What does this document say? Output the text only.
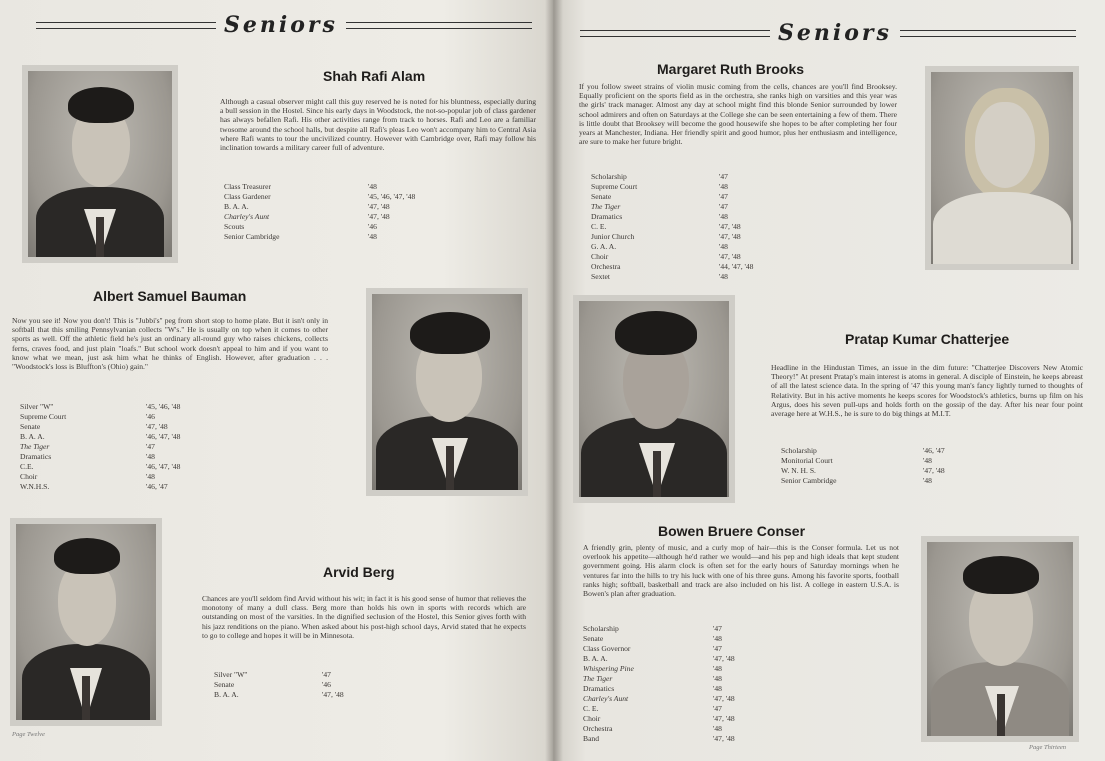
Seniors
Shah Rafi Alam
Although a casual observer might call this guy reserved he is noted for his bluntness, especially during a bull session in the Hostel. Since his early days in Woodstock, the not-so-popular job of class gardener has always befallen Rafi. His other activities range from track to horses. Rafi and Leo are a familiar twosome around the school halls, but despite all Rafi's pleas Leo won't accompany him to Central Asia where Rafi wants to tour the uncivilized country. However with Cambridge over, Rafi may follow his inclination towards a military career full of adventure.
Class Treasurer	'48
Class Gardener	'45, '46, '47, '48
B. A. A.	'47, '48
Charley's Aunt	'47, '48
Scouts	'46
Senior Cambridge	'48
Albert Samuel Bauman
Now you see it! Now you don't! This is "Jubbi's" peg from short stop to home plate. But it isn't only in softball that this smiling Pennsylvanian collects "W's." He is usually on top when it comes to other sports as well. Off the athletic field he's just an ordinary all-round guy who raises chickens, collects ferns, craves food, and just plain "loafs." But school work doesn't appeal to him and if you want to know what we mean, just ask him what he thinks of English. However, after graduation . . . "Woodstock's loss is Bluffton's (Ohio) gain."
Silver "W"	'45, '46, '48
Supreme Court	'46
Senate	'47, '48
B. A. A.	'46, '47, '48
The Tiger	'47
Dramatics	'48
C.E.	'46, '47, '48
Choir	'48
W.N.H.S.	'46, '47
Arvid Berg
Chances are you'll seldom find Arvid without his wit; in fact it is his good sense of humor that relieves the monotony of many a dull class. Berg more than holds his own in sports with records which are outstanding on most of the varsities. In the dignified seclusion of the Hostel, this Senior gives forth with his jazz renditions on the piano. When asked about his post-high school days, Arvid stated that he expects to go to college and hopes it will be in Minnesota.
Silver "W"	'47
Senate	'46
B. A. A.	'47, '48
Page Twelve
Seniors
Margaret Ruth Brooks
If you follow sweet strains of violin music coming from the cells, chances are you'll find Brooksey. Equally proficient on the sports field as in the orchestra, she ranks high on varsities and this year was the girls' track manager. Almost any day at school might find this blonde Senior surrounded by lower school admirers and often on Saturdays at the College she can be seen entertaining a few of them. There is little doubt that Brooksey will become the good housewife she hopes to be after completing her four years at Manchester, Indiana. Her friendly spirit and good humor, plus her enthusiasm and intelligence, are sure to make her future bright.
Scholarship	'47
Supreme Court	'48
Senate	'47
The Tiger	'47
Dramatics	'48
C. E.	'47, '48
Junior Church	'47, '48
G. A. A.	'48
Choir	'47, '48
Orchestra	'44, '47, '48
Sextet	'48
Pratap Kumar Chatterjee
Headline in the Hindustan Times, an issue in the dim future: "Chatterjee Discovers New Atomic Theory!" At present Pratap's main interest is atoms in general. A disciple of Einstein, he keeps abreast of all the latest science data. In the spring of '47 this young man's fancy lightly turned to thoughts of Relativity. But in his active moments he keeps scores for Woodstock's athletics, burns up film on his Argus, does his seven pull-ups and holds forth on the gossip of the day. After his near four point average here at W.H.S., he is sure to do big things at M.I.T.
Scholarship	'46, '47
Monitorial Court	'48
W. N. H. S.	'47, '48
Senior Cambridge	'48
Bowen Bruere Conser
A friendly grin, plenty of music, and a curly mop of hair—this is the Conser formula. Let us not overlook his appetite—although he'd rather we would—and his pep and high ideals that kept student government going. His alarm clock is often set for the early hours of Saturday mornings when he ventures far into the hills to try his luck with one of his three guns. Among his favorite sports, football ranks high; softball, basketball and track are also included on his list. A college in eastern U.S.A. is Bowen's plan after graduation.
Scholarship	'47
Senate	'48
Class Governor	'47
B. A. A.	'47, '48
Whispering Pine	'48
The Tiger	'48
Dramatics	'48
Charley's Aunt	'47, '48
C. E.	'47
Choir	'47, '48
Orchestra	'48
Band	'47, '48
Page Thirteen
